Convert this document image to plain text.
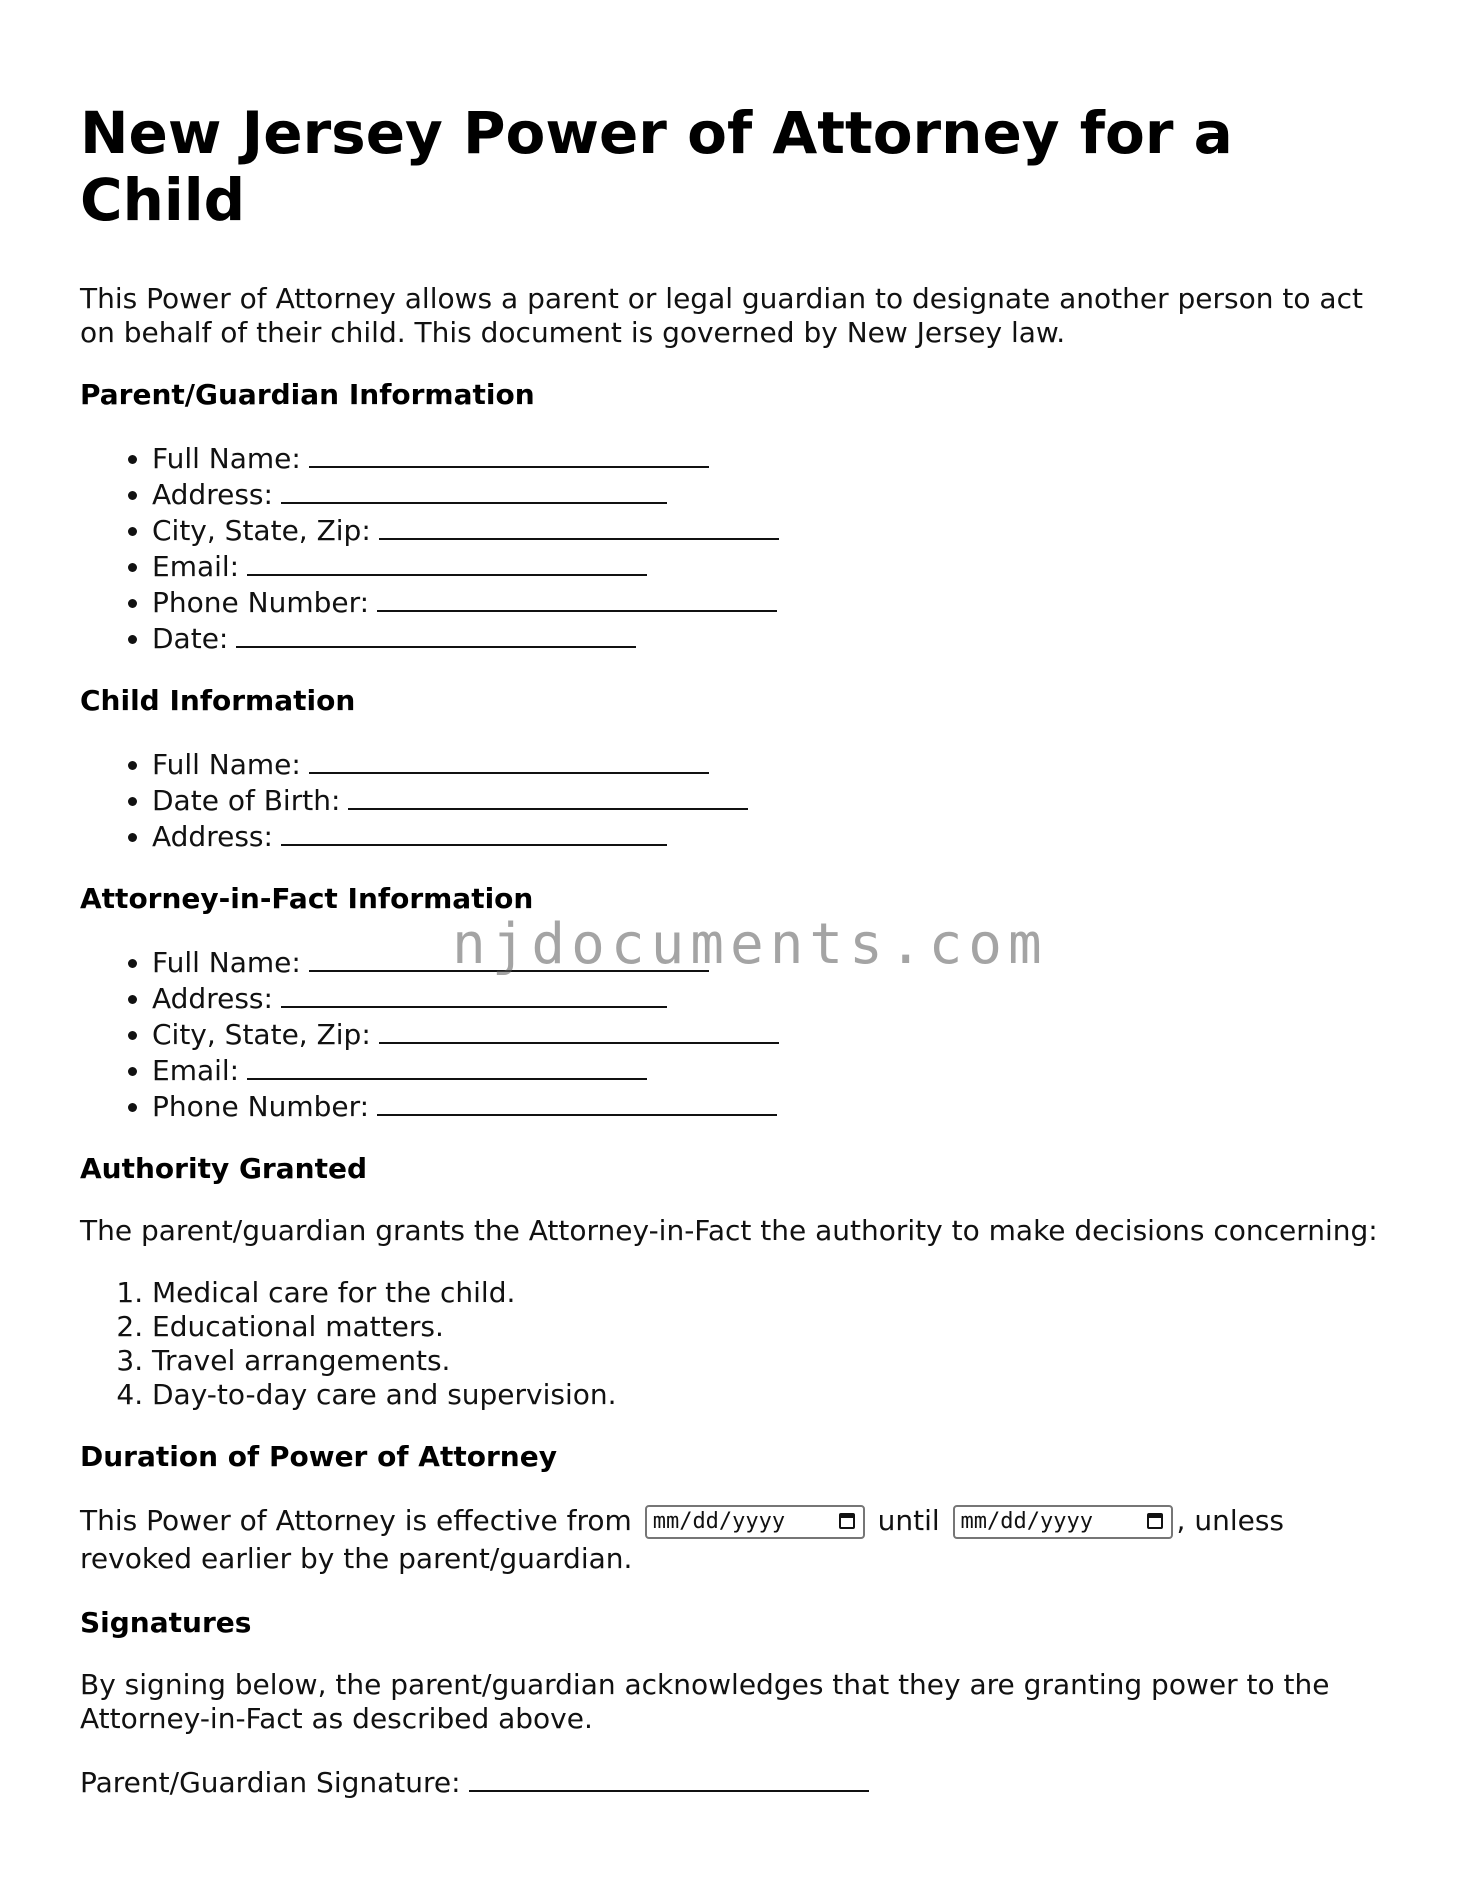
New Jersey Power of Attorney for a Child

This Power of Attorney allows a parent or legal guardian to designate another person to act on behalf of their child. This document is governed by New Jersey law.

Parent/Guardian Information
• Full Name:
• Address:
• City, State, Zip:
• Email:
• Phone Number:
• Date:
Child Information
• Full Name:
• Date of Birth:
• Address:
Attorney-in-Fact Information
• Full Name:
• Address:
• City, State, Zip:
• Email:
• Phone Number:
Authority Granted

The parent/guardian grants the Attorney-in-Fact the authority to make decisions concerning:

1. Medical care for the child.
2. Educational matters.
3. Travel arrangements.
4. Day-to-day care and supervision.
Duration of Power of Attorney

This Power of Attorney is effective from mm/dd/yyyy	until mm/dd/yyyy	, unless revoked earlier by the parent/guardian.

Signatures

By signing below, the parent/guardian acknowledges that they are granting power to the Attorney-in-Fact as described above.

Parent/Guardian Signature:

njdocuments.com
